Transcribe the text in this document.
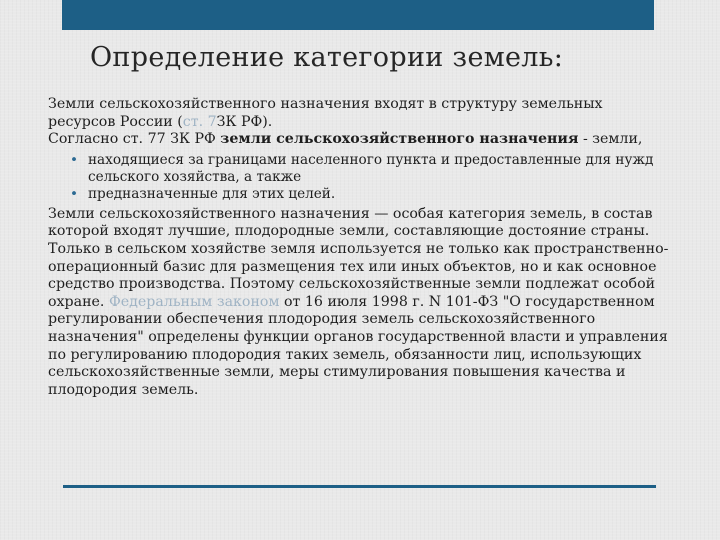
Определение категории земель:

Земли сельскохозяйственного назначения входят в структуру земельных ресурсов России (ст. 7ЗК РФ).

Согласно ст. 77 ЗК РФ земли сельскохозяйственного назначения - земли,

• находящиеся за границами населенного пункта и предоставленные для нужд сельского хозяйства, а также
• предназначенные для этих целей.

Земли сельскохозяйственного назначения — особая категория земель, в состав которой входят лучшие, плодородные земли, составляющие достояние страны. Только в сельском хозяйстве земля используется не только как пространственно-операционный базис для размещения тех или иных объектов, но и как основное средство производства. Поэтому сельскохозяйственные земли подлежат особой охране. Федеральным законом от 16 июля 1998 г. N 101-ФЗ "О государственном регулировании обеспечения плодородия земель сельскохозяйственного назначения" определены функции органов государственной власти и управления по регулированию плодородия таких земель, обязанности лиц, использующих сельскохозяйственные земли, меры стимулирования повышения качества и плодородия земель.
